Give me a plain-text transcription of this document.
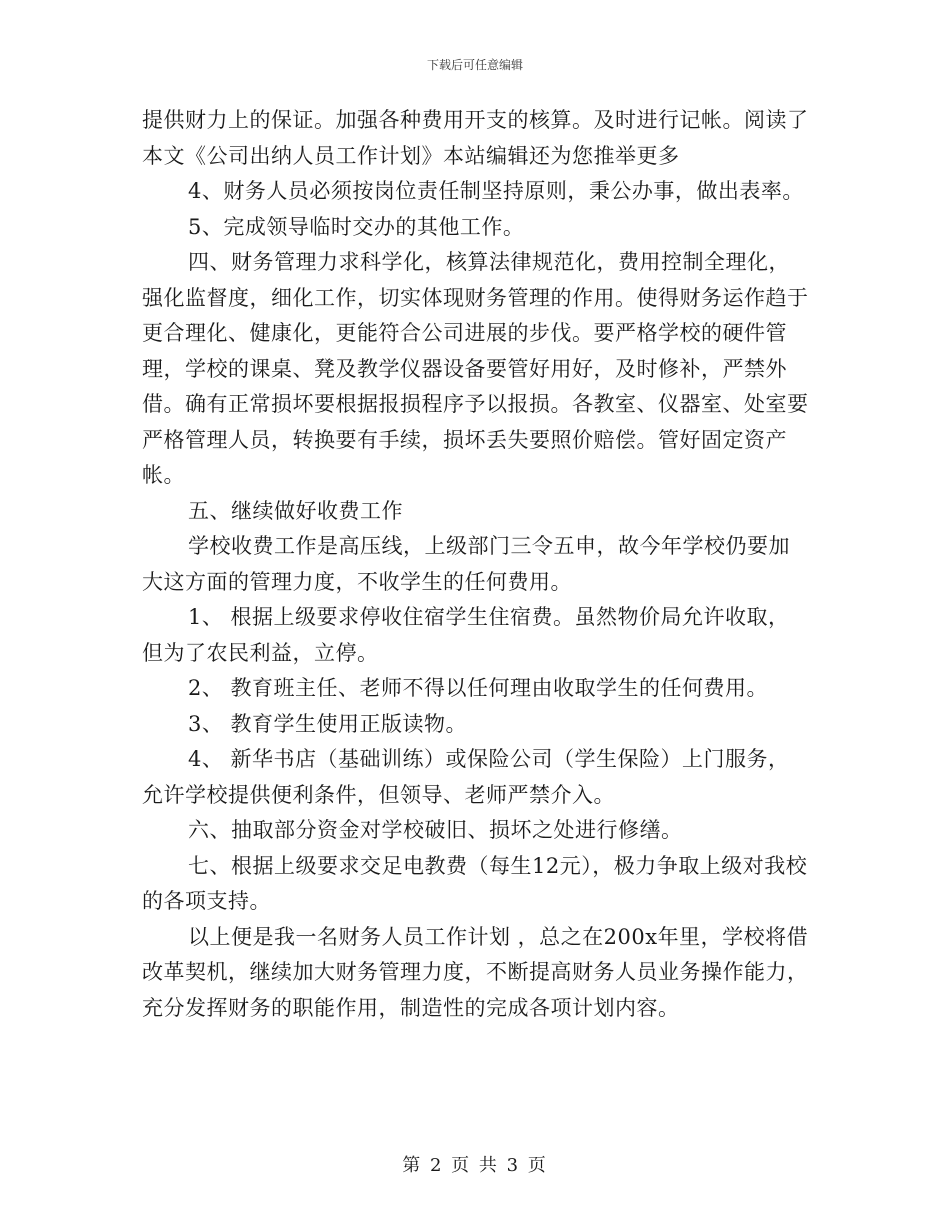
下载后可任意编辑

提供财力上的保证。加强各种费用开支的核算。及时进行记帐。阅读了本文《公司出纳人员工作计划》本站编辑还为您推举更多

4、财务人员必须按岗位责任制坚持原则，秉公办事，做出表率。

5、完成领导临时交办的其他工作。

四、财务管理力求科学化，核算法律规范化，费用控制全理化，强化监督度，细化工作，切实体现财务管理的作用。使得财务运作趋于更合理化、健康化，更能符合公司进展的步伐。要严格学校的硬件管理，学校的课桌、凳及教学仪器设备要管好用好，及时修补，严禁外借。确有正常损坏要根据报损程序予以报损。各教室、仪器室、处室要严格管理人员，转换要有手续，损坏丢失要照价赔偿。管好固定资产帐。

五、继续做好收费工作

学校收费工作是高压线，上级部门三令五申，故今年学校仍要加大这方面的管理力度，不收学生的任何费用。

1、 根据上级要求停收住宿学生住宿费。虽然物价局允许收取，但为了农民利益，立停。

2、 教育班主任、老师不得以任何理由收取学生的任何费用。

3、 教育学生使用正版读物。

4、 新华书店（基础训练）或保险公司（学生保险）上门服务，允许学校提供便利条件，但领导、老师严禁介入。

六、抽取部分资金对学校破旧、损坏之处进行修缮。

七、根据上级要求交足电教费（每生12元），极力争取上级对我校的各项支持。

以上便是我一名财务人员工作计划 ，总之在200x年里，学校将借改革契机，继续加大财务管理力度，不断提高财务人员业务操作能力，充分发挥财务的职能作用，制造性的完成各项计划内容。

第 2 页 共 3 页
